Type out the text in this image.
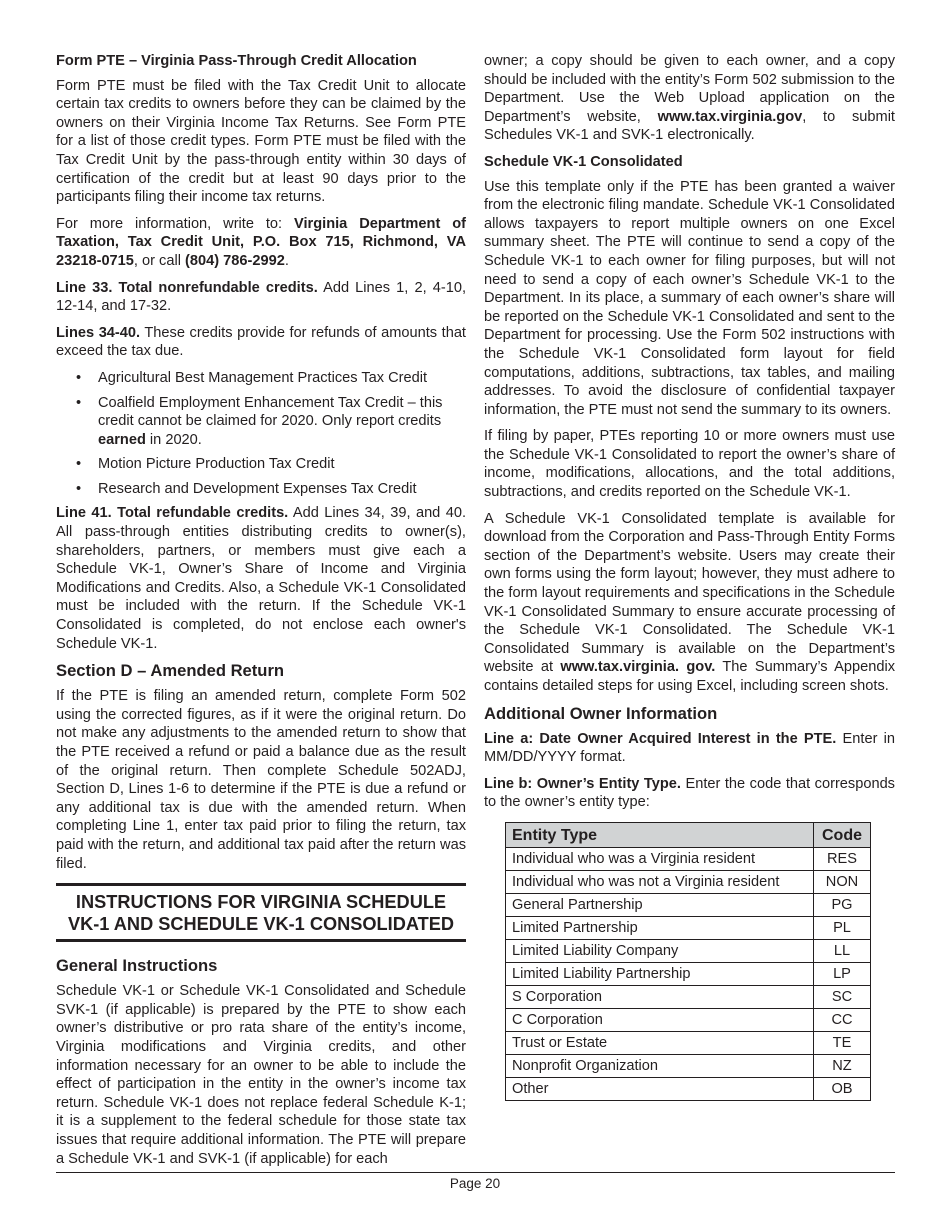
Form PTE – Virginia Pass-Through Credit Allocation

Form PTE must be filed with the Tax Credit Unit to allocate certain tax credits to owners before they can be claimed by the owners on their Virginia Income Tax Returns. See Form PTE for a list of those credit types. Form PTE must be filed with the Tax Credit Unit by the pass-through entity within 30 days of certification of the credit but at least 90 days prior to the participants filing their income tax returns.

For more information, write to: Virginia Department of Taxation, Tax Credit Unit, P.O. Box 715, Richmond, VA 23218-0715, or call (804) 786-2992.

Line 33. Total nonrefundable credits. Add Lines 1, 2, 4-10, 12-14, and 17-32.

Lines 34-40. These credits provide for refunds of amounts that exceed the tax due.

• Agricultural Best Management Practices Tax Credit
• Coalfield Employment Enhancement Tax Credit – this credit cannot be claimed for 2020. Only report credits earned in 2020.
• Motion Picture Production Tax Credit
• Research and Development Expenses Tax Credit

Line 41. Total refundable credits. Add Lines 34, 39, and 40. All pass-through entities distributing credits to owner(s), shareholders, partners, or members must give each a Schedule VK-1, Owner’s Share of Income and Virginia Modifications and Credits. Also, a Schedule VK-1 Consolidated must be included with the return. If the Schedule VK-1 Consolidated is completed, do not enclose each owner's Schedule VK-1.

Section D – Amended Return

If the PTE is filing an amended return, complete Form 502 using the corrected figures, as if it were the original return. Do not make any adjustments to the amended return to show that the PTE received a refund or paid a balance due as the result of the original return. Then complete Schedule 502ADJ, Section D, Lines 1-6 to determine if the PTE is due a refund or any additional tax is due with the amended return. When completing Line 1, enter tax paid prior to filing the return, tax paid with the return, and additional tax paid after the return was filed.

INSTRUCTIONS FOR VIRGINIA SCHEDULE
VK-1 AND SCHEDULE VK-1 CONSOLIDATED
General Instructions

Schedule VK-1 or Schedule VK-1 Consolidated and Schedule SVK-1 (if applicable) is prepared by the PTE to show each owner’s distributive or pro rata share of the entity’s income, Virginia modifications and Virginia credits, and other information necessary for an owner to be able to include the effect of participation in the entity in the owner’s income tax return. Schedule VK-1 does not replace federal Schedule K-1; it is a supplement to the federal schedule for those state tax issues that require additional information. The PTE will prepare a Schedule VK-1 and SVK-1 (if applicable) for each

owner; a copy should be given to each owner, and a copy should be included with the entity’s Form 502 submission to the Department. Use the Web Upload application on the Department’s website, www.tax.virginia.gov, to submit Schedules VK-1 and SVK-1 electronically.

Schedule VK-1 Consolidated

Use this template only if the PTE has been granted a waiver from the electronic filing mandate. Schedule VK-1 Consolidated allows taxpayers to report multiple owners on one Excel summary sheet. The PTE will continue to send a copy of the Schedule VK-1 to each owner for filing purposes, but will not need to send a copy of each owner’s Schedule VK-1 to the Department. In its place, a summary of each owner’s share will be reported on the Schedule VK-1 Consolidated and sent to the Department for processing. Use the Form 502 instructions with the Schedule VK-1 Consolidated form layout for field computations, additions, subtractions, tax tables, and mailing addresses. To avoid the disclosure of confidential taxpayer information, the PTE must not send the summary to its owners.

If filing by paper, PTEs reporting 10 or more owners must use the Schedule VK-1 Consolidated to report the owner’s share of income, modifications, allocations, and the total additions, subtractions, and credits reported on the Schedule VK-1.

A Schedule VK-1 Consolidated template is available for download from the Corporation and Pass-Through Entity Forms section of the Department’s website. Users may create their own forms using the form layout; however, they must adhere to the form layout requirements and specifications in the Schedule VK-1 Consolidated Summary to ensure accurate processing of the Schedule VK-1 Consolidated. The Schedule VK-1 Consolidated Summary is available on the Department’s website at www.tax.virginia. gov. The Summary’s Appendix contains detailed steps for using Excel, including screen shots.

Additional Owner Information

Line a: Date Owner Acquired Interest in the PTE. Enter in MM/DD/YYYY format.

Line b: Owner’s Entity Type. Enter the code that corresponds to the owner’s entity type:

Entity Type	Code
Individual who was a Virginia resident	RES
Individual who was not a Virginia resident	NON
General Partnership	PG
Limited Partnership	PL
Limited Liability Company	LL
Limited Liability Partnership	LP
S Corporation	SC
C Corporation	CC
Trust or Estate	TE
Nonprofit Organization	NZ
Other	OB
Page 20
